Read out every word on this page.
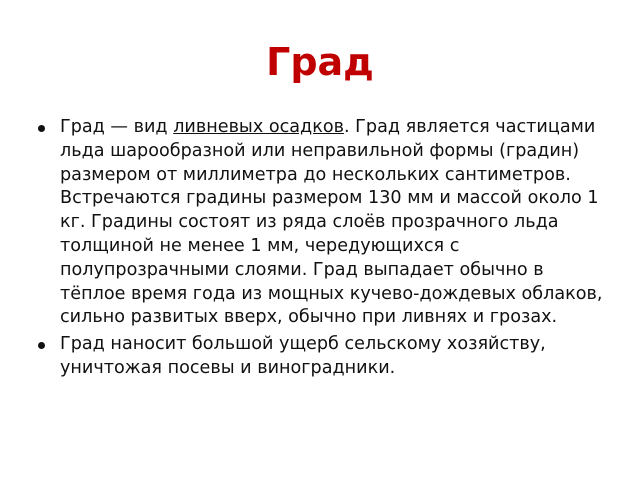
Град
Град — вид ливневых осадков. Град является частицами льда шарообразной или неправильной формы (градин) размером от миллиметра до нескольких сантиметров. Встречаются градины размером 130 мм и массой около 1 кг. Градины состоят из ряда слоёв прозрачного льда толщиной не менее 1 мм, чередующихся с полупрозрачными слоями. Град выпадает обычно в тёплое время года из мощных кучево-дождевых облаков, сильно развитых вверх, обычно при ливнях и грозах.
Град наносит большой ущерб сельскому хозяйству, уничтожая посевы и виноградники.
